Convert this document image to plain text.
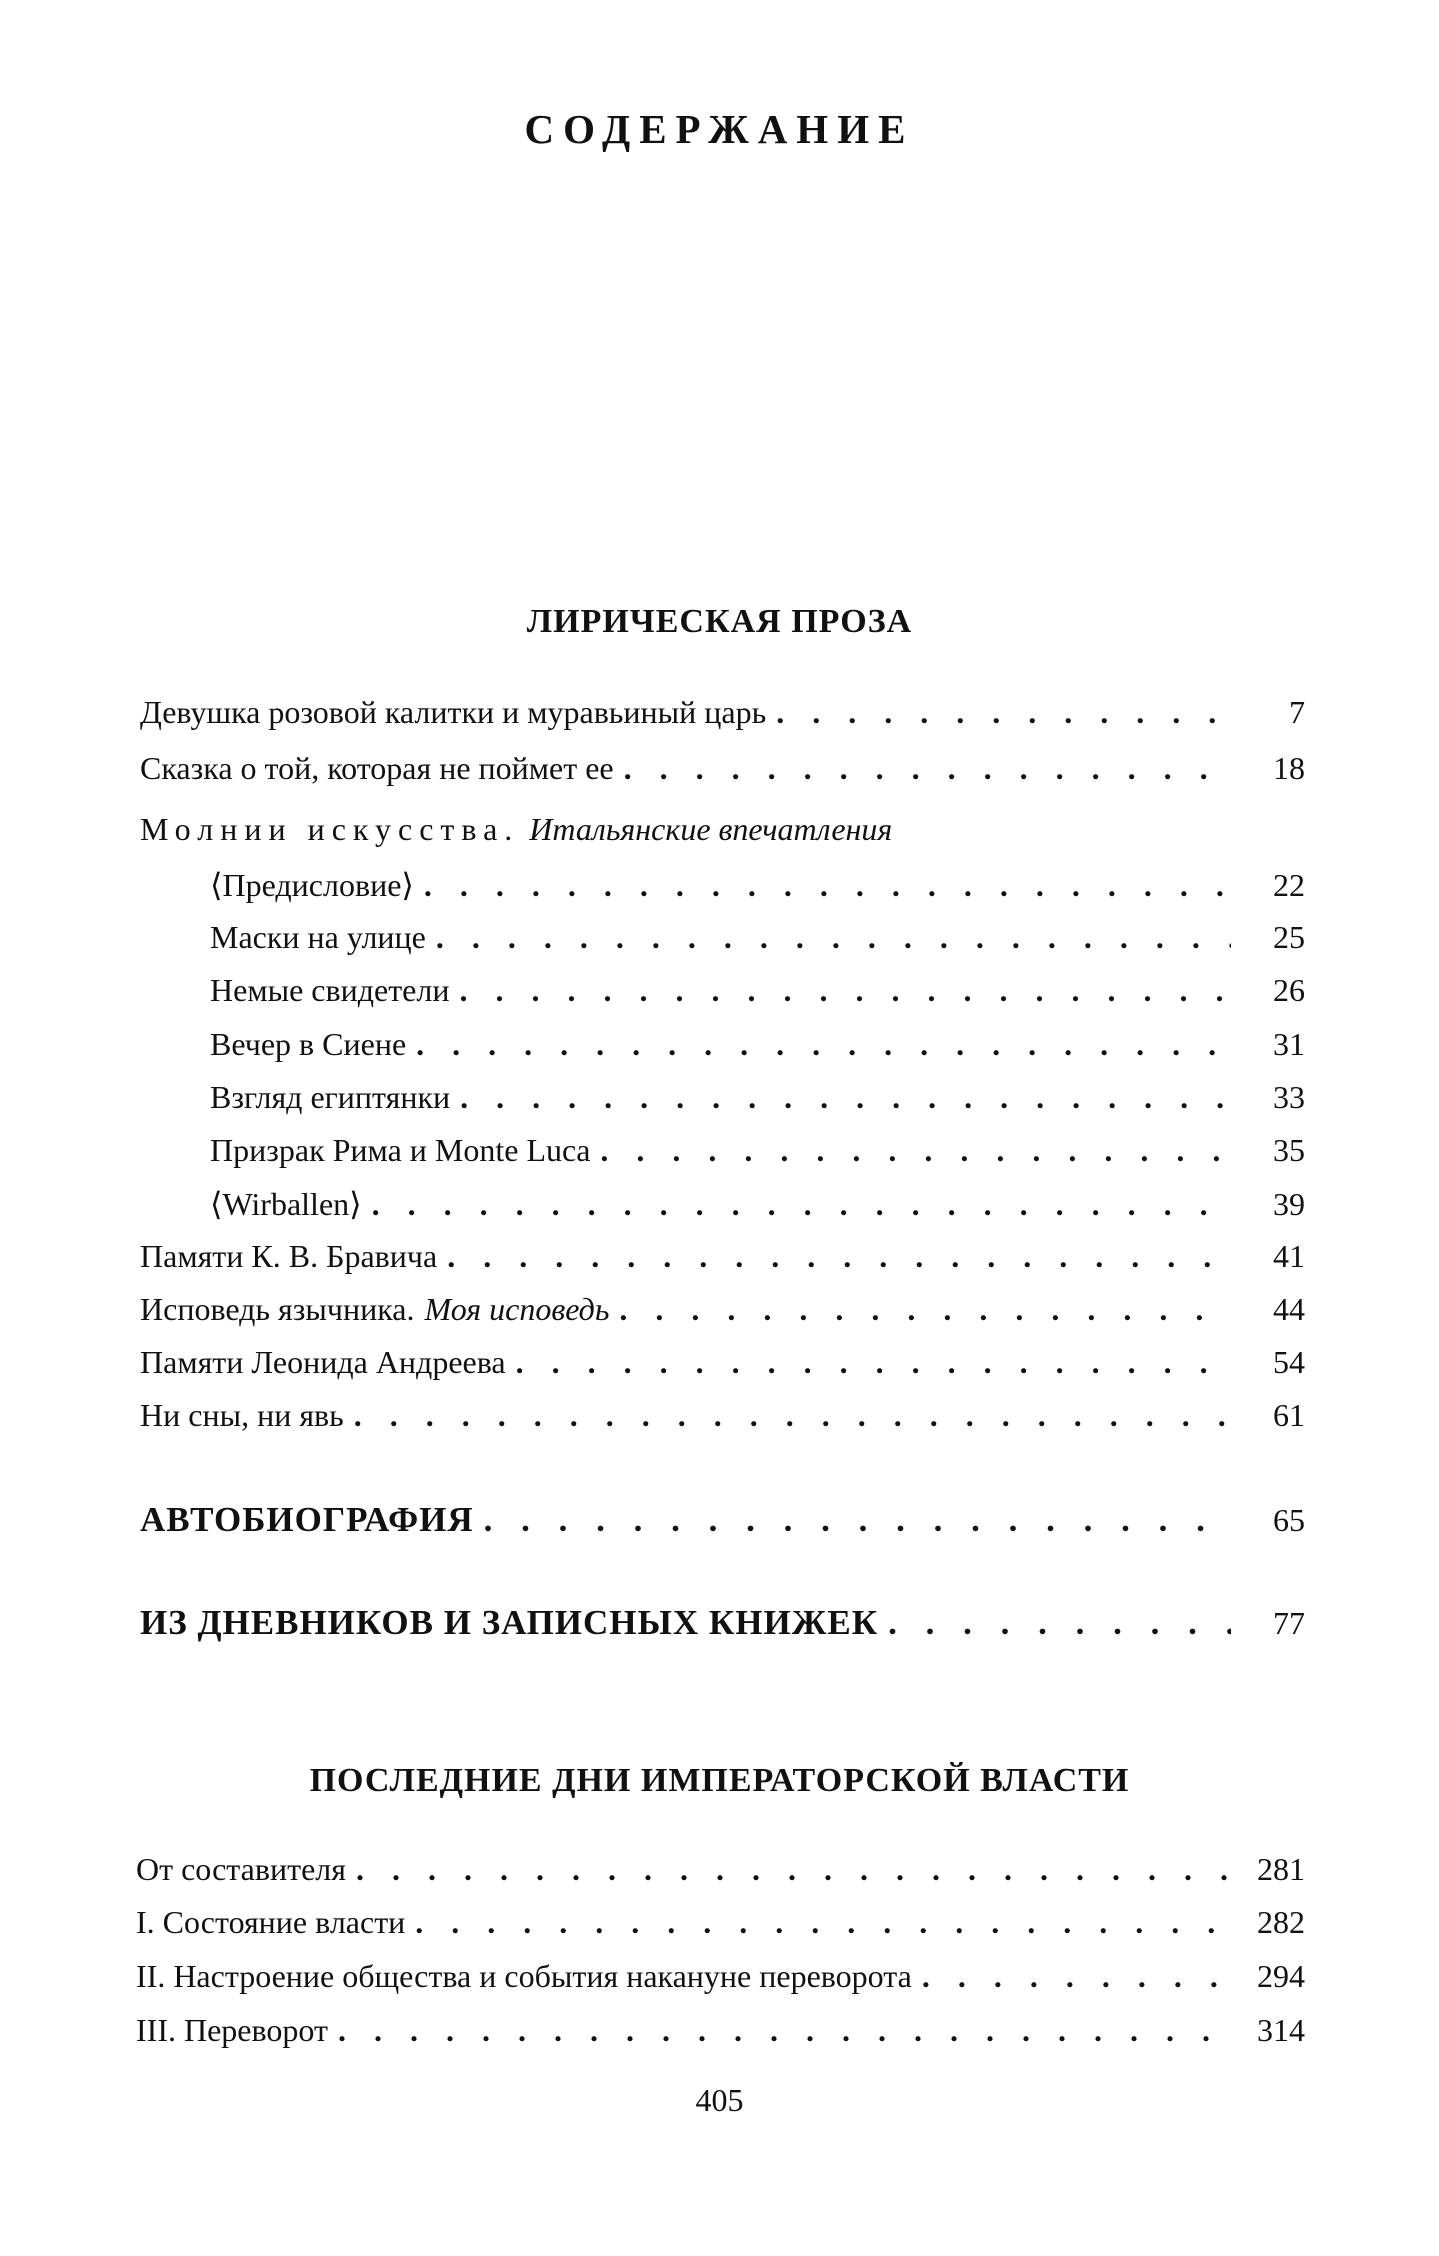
СОДЕРЖАНИЕ
ЛИРИЧЕСКАЯ ПРОЗА
Девушка розовой калитки и муравьиный царь . . .	7
Сказка о той, которая не поймет ее . . .	18
Молнии искусства. Итальянские впечатления
⟨Предисловие⟩ . . .	22
Маски на улице . . .	25
Немые свидетели . . .	26
Вечер в Сиене . . .	31
Взгляд египтянки . . .	33
Призрак Рима и Monte Luca . . .	35
⟨Wirballen⟩ . . .	39
Памяти К. В. Бравича . . .	41
Исповедь язычника. Моя исповедь . . .	44
Памяти Леонида Андреева . . .	54
Ни сны, ни явь . . .	61
АВТОБИОГРАФИЯ . . .	65
ИЗ ДНЕВНИКОВ И ЗАПИСНЫХ КНИЖЕК . . .	77
ПОСЛЕДНИЕ ДНИ ИМПЕРАТОРСКОЙ ВЛАСТИ
От составителя . . .	281
I. Состояние власти . . .	282
II. Настроение общества и события накануне переворота . . .	294
III. Переворот . . .	314
405
